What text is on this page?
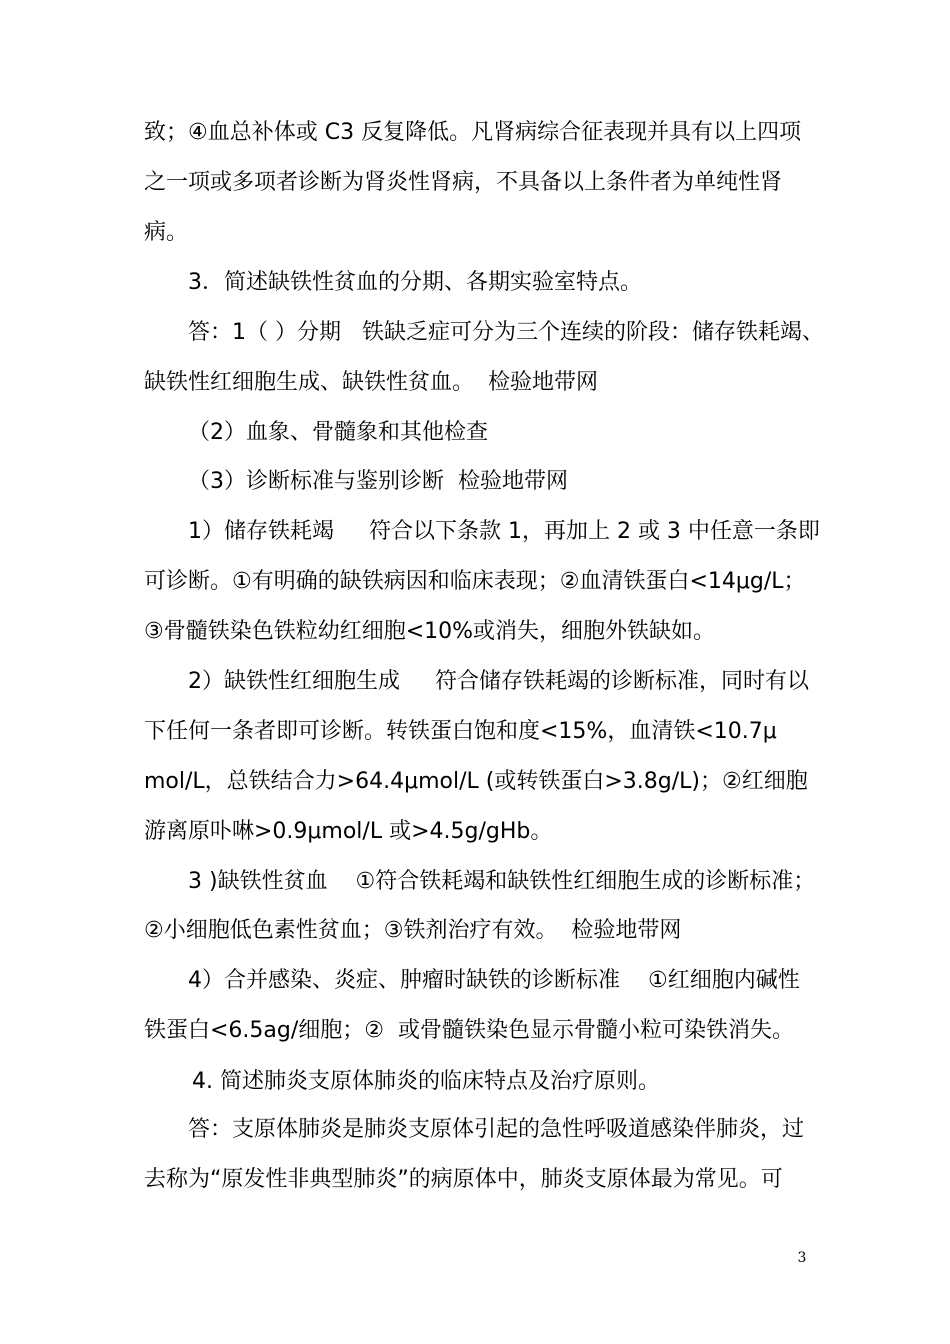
致；④血总补体或 C3 反复降低。凡肾病综合征表现并具有以上四项
之一项或多项者诊断为肾炎性肾病，不具备以上条件者为单纯性肾
病。
3．简述缺铁性贫血的分期、各期实验室特点。
答：1（ ）分期   铁缺乏症可分为三个连续的阶段：储存铁耗竭、
缺铁性红细胞生成、缺铁性贫血。  检验地带网
（2）血象、骨髓象和其他检查
（3）诊断标准与鉴别诊断  检验地带网
1）储存铁耗竭     符合以下条款 1，再加上 2 或 3 中任意一条即
可诊断。①有明确的缺铁病因和临床表现；②血清铁蛋白<14μg/L；
③骨髓铁染色铁粒幼红细胞<10%或消失，细胞外铁缺如。
2）缺铁性红细胞生成     符合储存铁耗竭的诊断标准，同时有以
下任何一条者即可诊断。转铁蛋白饱和度<15%，血清铁<10.7μ
mol/L，总铁结合力>64.4μmol/L (或转铁蛋白>3.8g/L)；②红细胞
游离原卟啉>0.9μmol/L 或>4.5g/gHb。
3 )缺铁性贫血    ①符合铁耗竭和缺铁性红细胞生成的诊断标准；
②小细胞低色素性贫血；③铁剂治疗有效。  检验地带网
4）合并感染、炎症、肿瘤时缺铁的诊断标准    ①红细胞内碱性
铁蛋白<6.5ag/细胞；②  或骨髓铁染色显示骨髓小粒可染铁消失。
4. 简述肺炎支原体肺炎的临床特点及治疗原则。
答：支原体肺炎是肺炎支原体引起的急性呼吸道感染伴肺炎，过
去称为“原发性非典型肺炎”的病原体中，肺炎支原体最为常见。可
3
